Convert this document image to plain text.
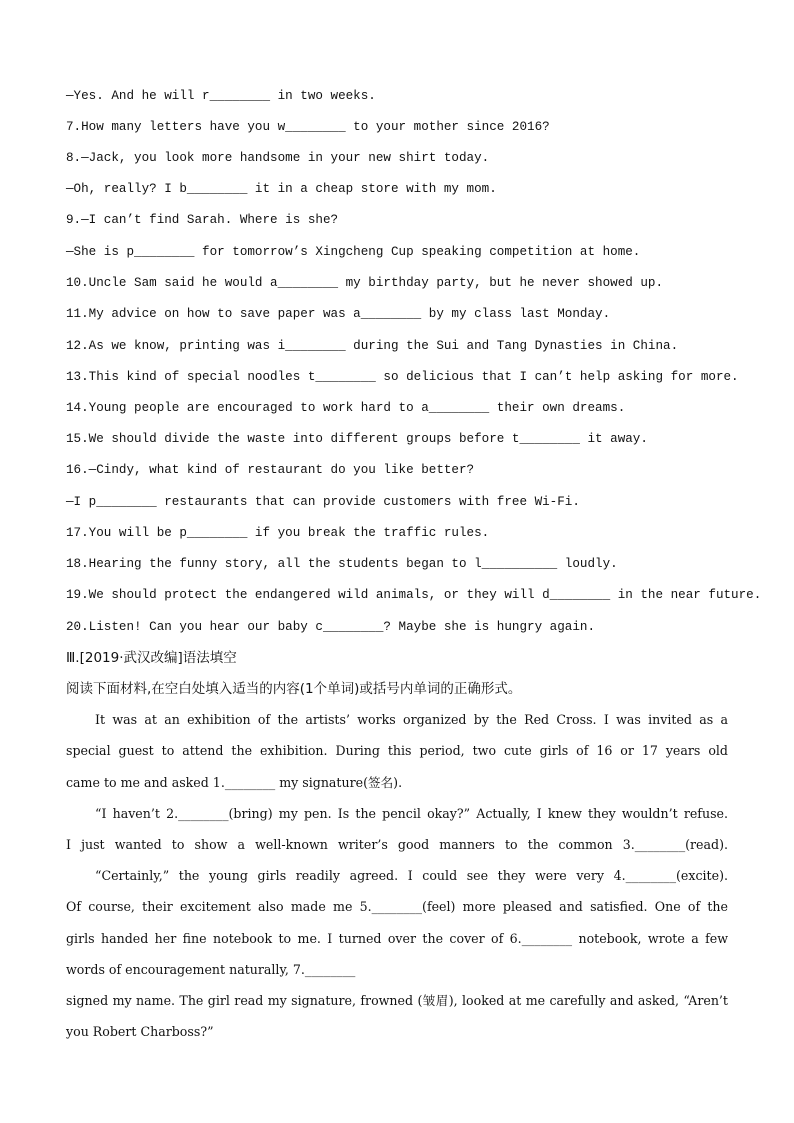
—Yes. And he will r________ in two weeks.
7.How many letters have you w________ to your mother since 2016?
8.—Jack, you look more handsome in your new shirt today.
—Oh, really? I b________ it in a cheap store with my mom.
9.—I can’t find Sarah. Where is she?
—She is p________ for tomorrow’s Xingcheng Cup speaking competition at home.
10.Uncle Sam said he would a________ my birthday party, but he never showed up.
11.My advice on how to save paper was a________ by my class last Monday.
12.As we know, printing was i________ during the Sui and Tang Dynasties in China.
13.This kind of special noodles t________ so delicious that I can’t help asking for more.
14.Young people are encouraged to work hard to a________ their own dreams.
15.We should divide the waste into different groups before t________ it away.
16.—Cindy, what kind of restaurant do you like better?
—I p________ restaurants that can provide customers with free Wi-Fi.
17.You will be p________ if you break the traffic rules.
18.Hearing the funny story, all the students began to l__________ loudly.
19.We should protect the endangered wild animals, or they will d________ in the near future.
20.Listen! Can you hear our baby c________? Maybe she is hungry again.
Ⅲ.[2019·武汉改编]语法填空
阅读下面材料,在空白处填入适当的内容(1个单词)或括号内单词的正确形式。
It was at an exhibition of the artists’ works organized by the Red Cross. I was invited as a
special guest to attend the exhibition. During this period, two cute girls of 16 or 17 years old
came to me and asked 1.________ my signature(签名).
“I haven’t 2.________(bring) my pen. Is the pencil okay?” Actually, I knew they wouldn’t refuse.
I just wanted to show a well-known writer’s good manners to the common 3.________(read).
“Certainly,” the young girls readily agreed. I could see they were very 4.________(excite).
Of course, their excitement also made me 5.________(feel) more pleased and satisfied. One of the
girls handed her fine notebook to me. I turned over the cover of 6.________ notebook, wrote a few
words of encouragement naturally, 7.________
signed my name. The girl read my signature, frowned (皱眉), looked at me carefully and asked, “Aren’t
you Robert Charboss?”
